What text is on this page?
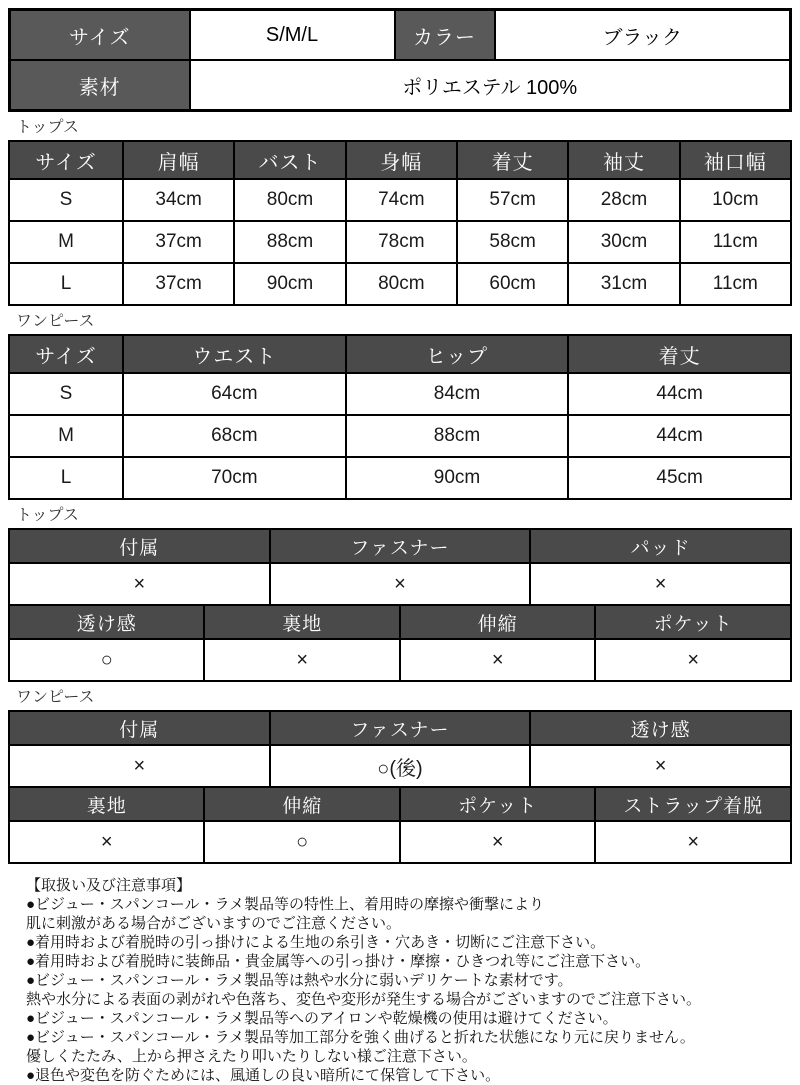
サイズ	S/M/L	カラー	ブラック
素材	ポリエステル 100%		
トップス
サイズ	肩幅	バスト	身幅	着丈	袖丈	袖口幅
S	34cm	80cm	74cm	57cm	28cm	10cm
M	37cm	88cm	78cm	58cm	30cm	11cm
L	37cm	90cm	80cm	60cm	31cm	11cm
ワンピース
サイズ	ウエスト	ヒップ	着丈
S	64cm	84cm	44cm
M	68cm	88cm	44cm
L	70cm	90cm	45cm
トップス
付属		ファスナー		パッド	
×		×		×	
透け感	裏地		伸縮		ポケット
○	×		×		×
ワンピース
付属		ファスナー		透け感	
×		○(後)		×	
裏地	伸縮		ポケット		ストラップ着脱
×	○		×		×
【取扱い及び注意事項】
●ビジュー・スパンコール・ラメ製品等の特性上、着用時の摩擦や衝撃により
肌に刺激がある場合がございますのでご注意ください。
●着用時および着脱時の引っ掛けによる生地の糸引き・穴あき・切断にご注意下さい。
●着用時および着脱時に装飾品・貴金属等への引っ掛け・摩擦・ひきつれ等にご注意下さい。
●ビジュー・スパンコール・ラメ製品等は熱や水分に弱いデリケートな素材です。
熱や水分による表面の剥がれや色落ち、変色や変形が発生する場合がございますのでご注意下さい。
●ビジュー・スパンコール・ラメ製品等へのアイロンや乾燥機の使用は避けてください。
●ビジュー・スパンコール・ラメ製品等加工部分を強く曲げると折れた状態になり元に戻りません。
優しくたたみ、上から押さえたり叩いたりしない様ご注意下さい。
●退色や変色を防ぐためには、風通しの良い暗所にて保管して下さい。
